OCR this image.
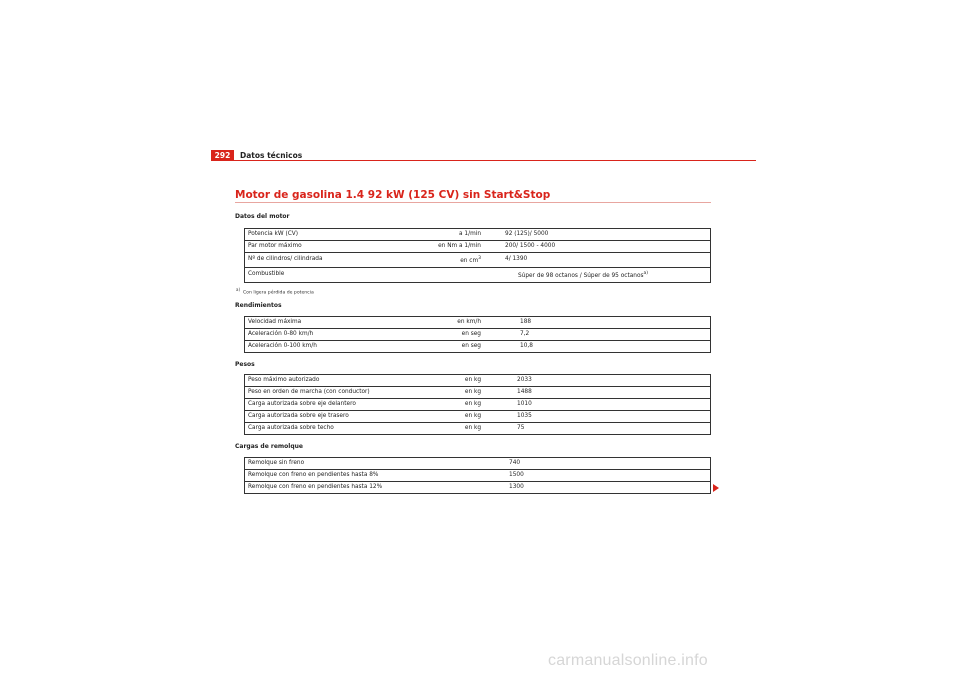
292	Datos técnicos
Motor de gasolina 1.4 92 kW (125 CV) sin Start&Stop
Datos del motor
Potencia kW (CV)	a 1/min		92 (125)/ 5000
Par motor máximo	en Nm a 1/min		200/ 1500 - 4000
Nº de cilindros/ cilindrada	en $cm^3$		4/ 1390
Combustible			Súper de 98 octanos / Súper de 95 octanos$^{a)}$
$^{a)}$  Con ligera pérdida de potencia
Rendimientos
Velocidad máxima	en km/h		188
Aceleración 0-80 km/h	en seg		7,2
Aceleración 0-100 km/h	en seg		10,8
Pesos
Peso máximo autorizado	en kg		2033
Peso en orden de marcha (con conductor)	en kg		1488
Carga autorizada sobre eje delantero	en kg		1010
Carga autorizada sobre eje trasero	en kg		1035
Carga autorizada sobre techo	en kg		75
Cargas de remolque
Remolque sin freno	740
Remolque con freno en pendientes hasta 8%	1500
Remolque con freno en pendientes hasta 12%	1300
carmanualsonline.info
